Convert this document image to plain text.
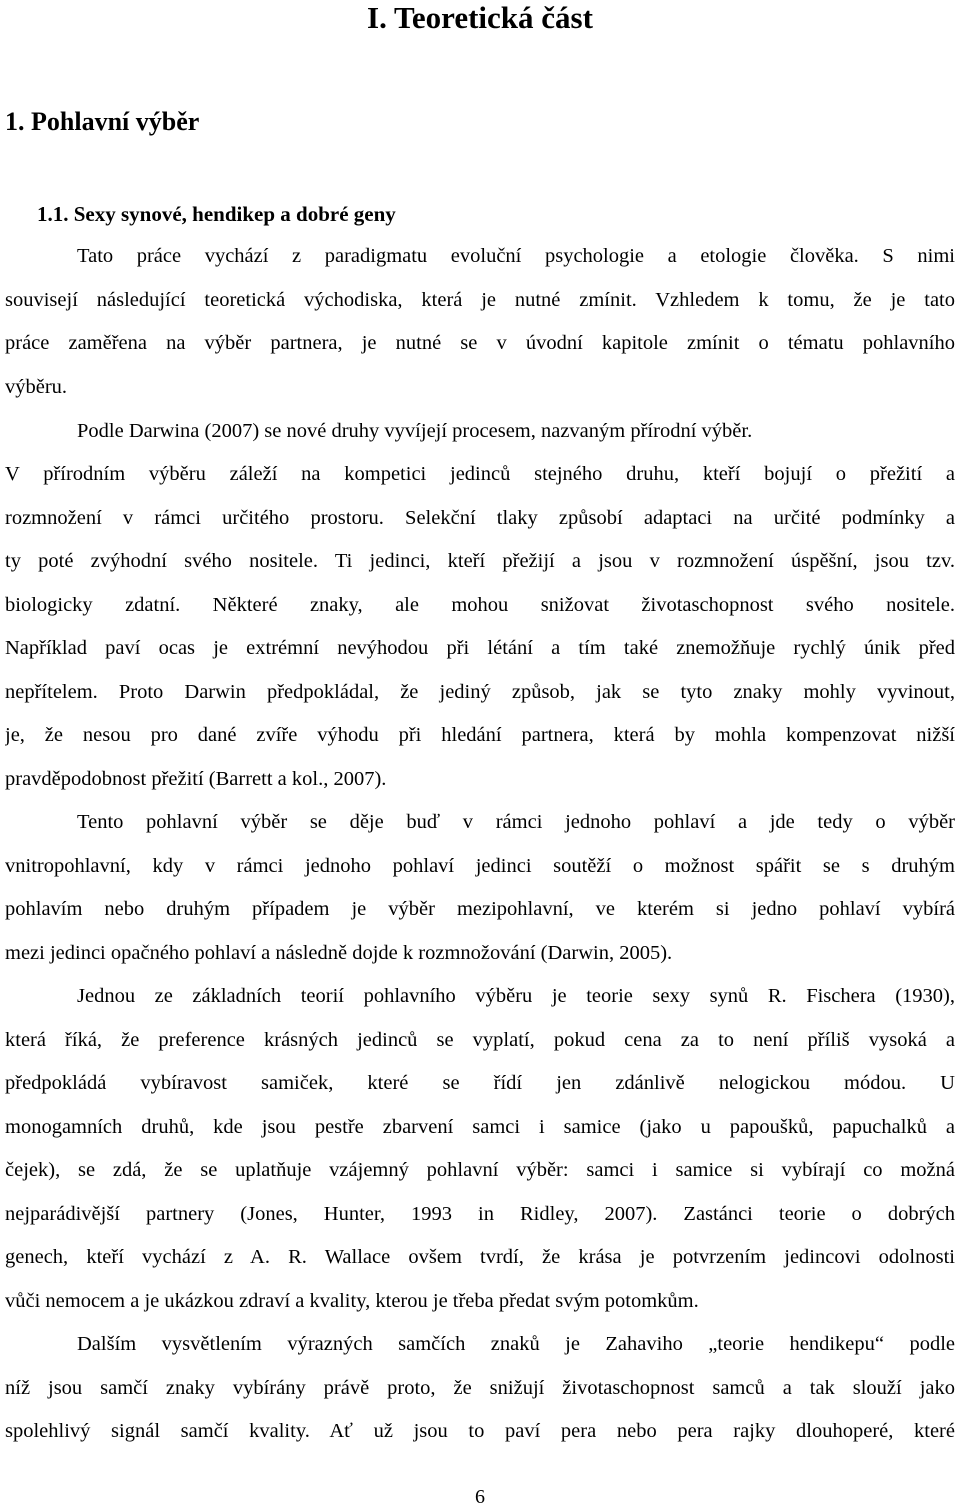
I. Teoretická část
1. Pohlavní výběr
1.1. Sexy synové, hendikep a dobré geny
Tato práce vychází z paradigmatu evoluční psychologie a etologie člověka. S nimi
souvisejí následující teoretická východiska, která je nutné zmínit. Vzhledem k tomu, že je tato
práce zaměřena na výběr partnera, je nutné se v úvodní kapitole zmínit o tématu pohlavního
výběru.
Podle Darwina (2007) se nové druhy vyvíjejí procesem, nazvaným přírodní výběr.
V přírodním výběru záleží na kompetici jedinců stejného druhu, kteří bojují o přežití a
rozmnožení v rámci určitého prostoru. Selekční tlaky způsobí adaptaci na určité podmínky a
ty poté zvýhodní svého nositele. Ti jedinci, kteří přežijí a jsou v rozmnožení úspěšní, jsou tzv.
biologicky zdatní. Některé znaky, ale mohou snižovat životaschopnost svého nositele.
Například paví ocas je extrémní nevýhodou při létání a tím také znemožňuje rychlý únik před
nepřítelem. Proto Darwin předpokládal, že jediný způsob, jak se tyto znaky mohly vyvinout,
je, že nesou pro dané zvíře výhodu při hledání partnera, která by mohla kompenzovat nižší
pravděpodobnost přežití (Barrett a kol., 2007).
Tento pohlavní výběr se děje buď v rámci jednoho pohlaví a jde tedy o výběr
vnitropohlavní, kdy v rámci jednoho pohlaví jedinci soutěží o možnost spářit se s druhým
pohlavím nebo druhým případem je výběr mezipohlavní, ve kterém si jedno pohlaví vybírá
mezi jedinci opačného pohlaví a následně dojde k rozmnožování (Darwin, 2005).
Jednou ze základních teorií pohlavního výběru je teorie sexy synů R. Fischera (1930),
která říká, že preference krásných jedinců se vyplatí, pokud cena za to není příliš vysoká a
předpokládá vybíravost samiček, které se řídí jen zdánlivě nelogickou módou. U
monogamních druhů, kde jsou pestře zbarvení samci i samice (jako u papoušků, papuchalků a
čejek), se zdá, že se uplatňuje vzájemný pohlavní výběr: samci i samice si vybírají co možná
nejparádivější partnery (Jones, Hunter, 1993 in Ridley, 2007). Zastánci teorie o dobrých
genech, kteří vychází z A. R. Wallace ovšem tvrdí, že krása je potvrzením jedincovi odolnosti
vůči nemocem a je ukázkou zdraví a kvality, kterou je třeba předat svým potomkům.
Dalším vysvětlením výrazných samčích znaků je Zahaviho „teorie hendikepu“ podle
níž jsou samčí znaky vybírány právě proto, že snižují životaschopnost samců a tak slouží jako
spolehlivý signál samčí kvality. Ať už jsou to paví pera nebo pera rajky dlouhoperé, které
6
